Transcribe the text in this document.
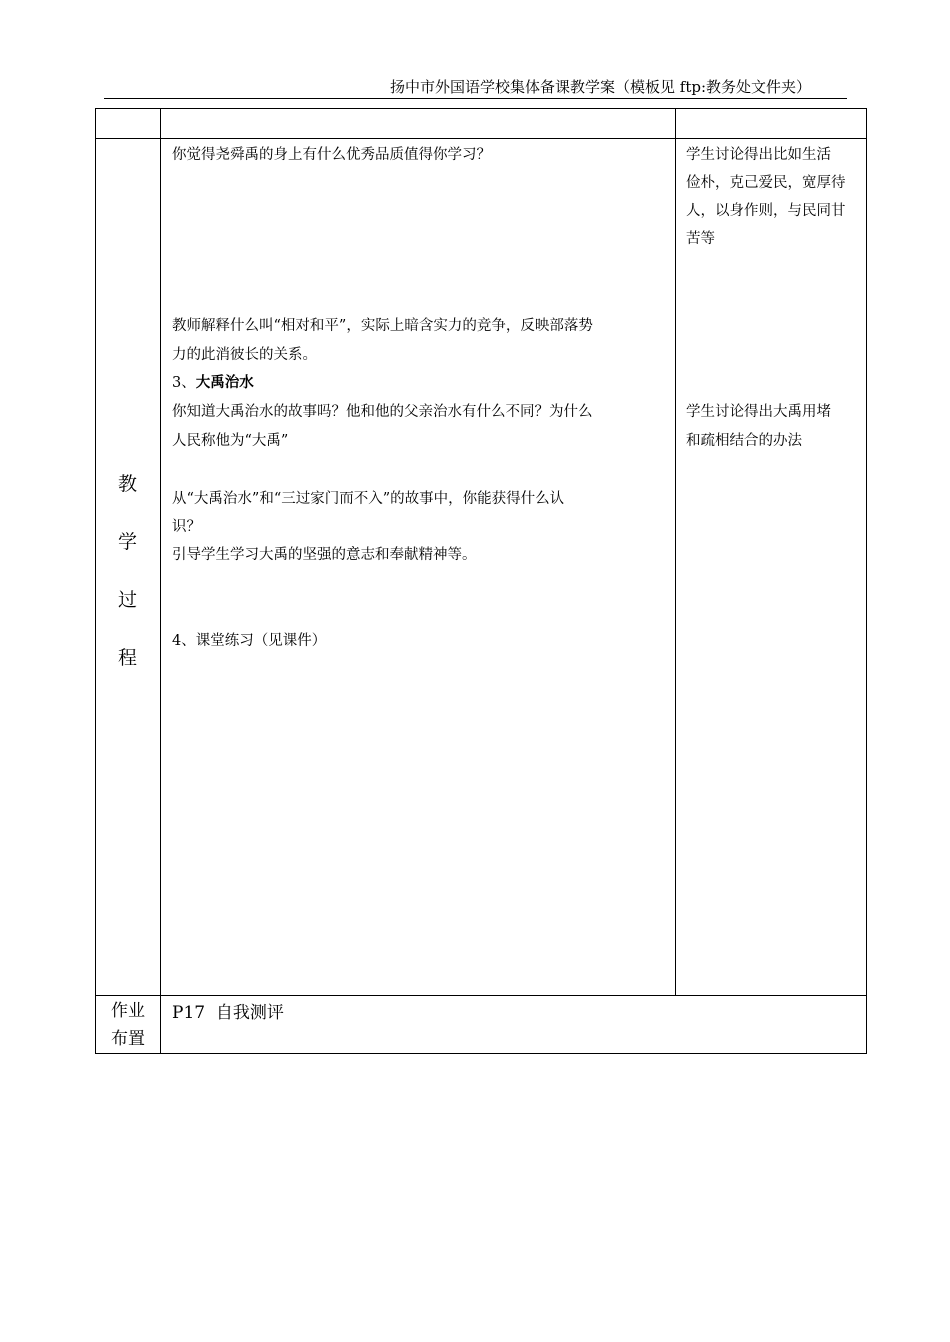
扬中市外国语学校集体备课教学案（模板见 ftp:教务处文件夹）
教
学
过
程
你觉得尧舜禹的身上有什么优秀品质值得你学习？
教师解释什么叫“相对和平”，实际上暗含实力的竞争，反映部落势
力的此消彼长的关系。
3、大禹治水
你知道大禹治水的故事吗？他和他的父亲治水有什么不同？为什么
人民称他为“大禹”
从“大禹治水”和“三过家门而不入”的故事中，你能获得什么认
识？
引导学生学习大禹的坚强的意志和奉献精神等。
4、课堂练习（见课件）
学生讨论得出比如生活
俭朴，克己爱民，宽厚待
人，以身作则，与民同甘
苦等
学生讨论得出大禹用堵
和疏相结合的办法
作业
布置
P17  自我测评
